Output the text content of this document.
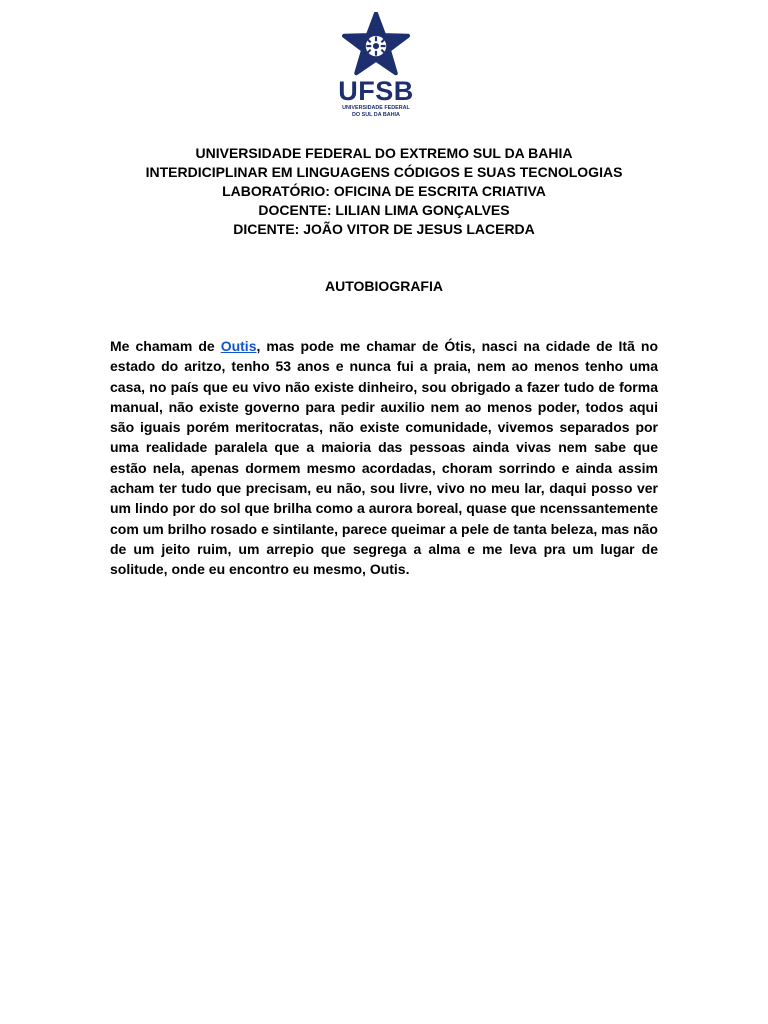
UFSB
UNIVERSIDADE FEDERAL
DO SUL DA BAHIA
UNIVERSIDADE FEDERAL DO EXTREMO SUL DA BAHIA
INTERDICIPLINAR EM LINGUAGENS CÓDIGOS E SUAS TECNOLOGIAS
LABORATÓRIO: OFICINA DE ESCRITA CRIATIVA
DOCENTE: LILIAN LIMA GONÇALVES
DICENTE: JOÃO VITOR DE JESUS LACERDA
AUTOBIOGRAFIA
Me chamam de Outis, mas pode me chamar de Ótis, nasci na cidade de Itã no estado do aritzo, tenho 53 anos e nunca fui a praia, nem ao menos tenho uma casa, no país que eu vivo não existe dinheiro, sou obrigado a fazer tudo de forma manual, não existe governo para pedir auxilio nem ao menos poder, todos aqui são iguais porém meritocratas, não existe comunidade, vivemos separados por uma realidade paralela que a maioria das pessoas ainda vivas nem sabe que estão nela, apenas dormem mesmo acordadas, choram sorrindo e ainda assim acham ter tudo que precisam, eu não, sou livre, vivo no meu lar, daqui posso ver um lindo por do sol que brilha como a aurora boreal, quase que ncenssantemente com um brilho rosado e sintilante, parece queimar a pele de tanta beleza, mas não de um jeito ruim, um arrepio que segrega a alma e me leva pra um lugar de solitude, onde eu encontro eu mesmo, Outis.
